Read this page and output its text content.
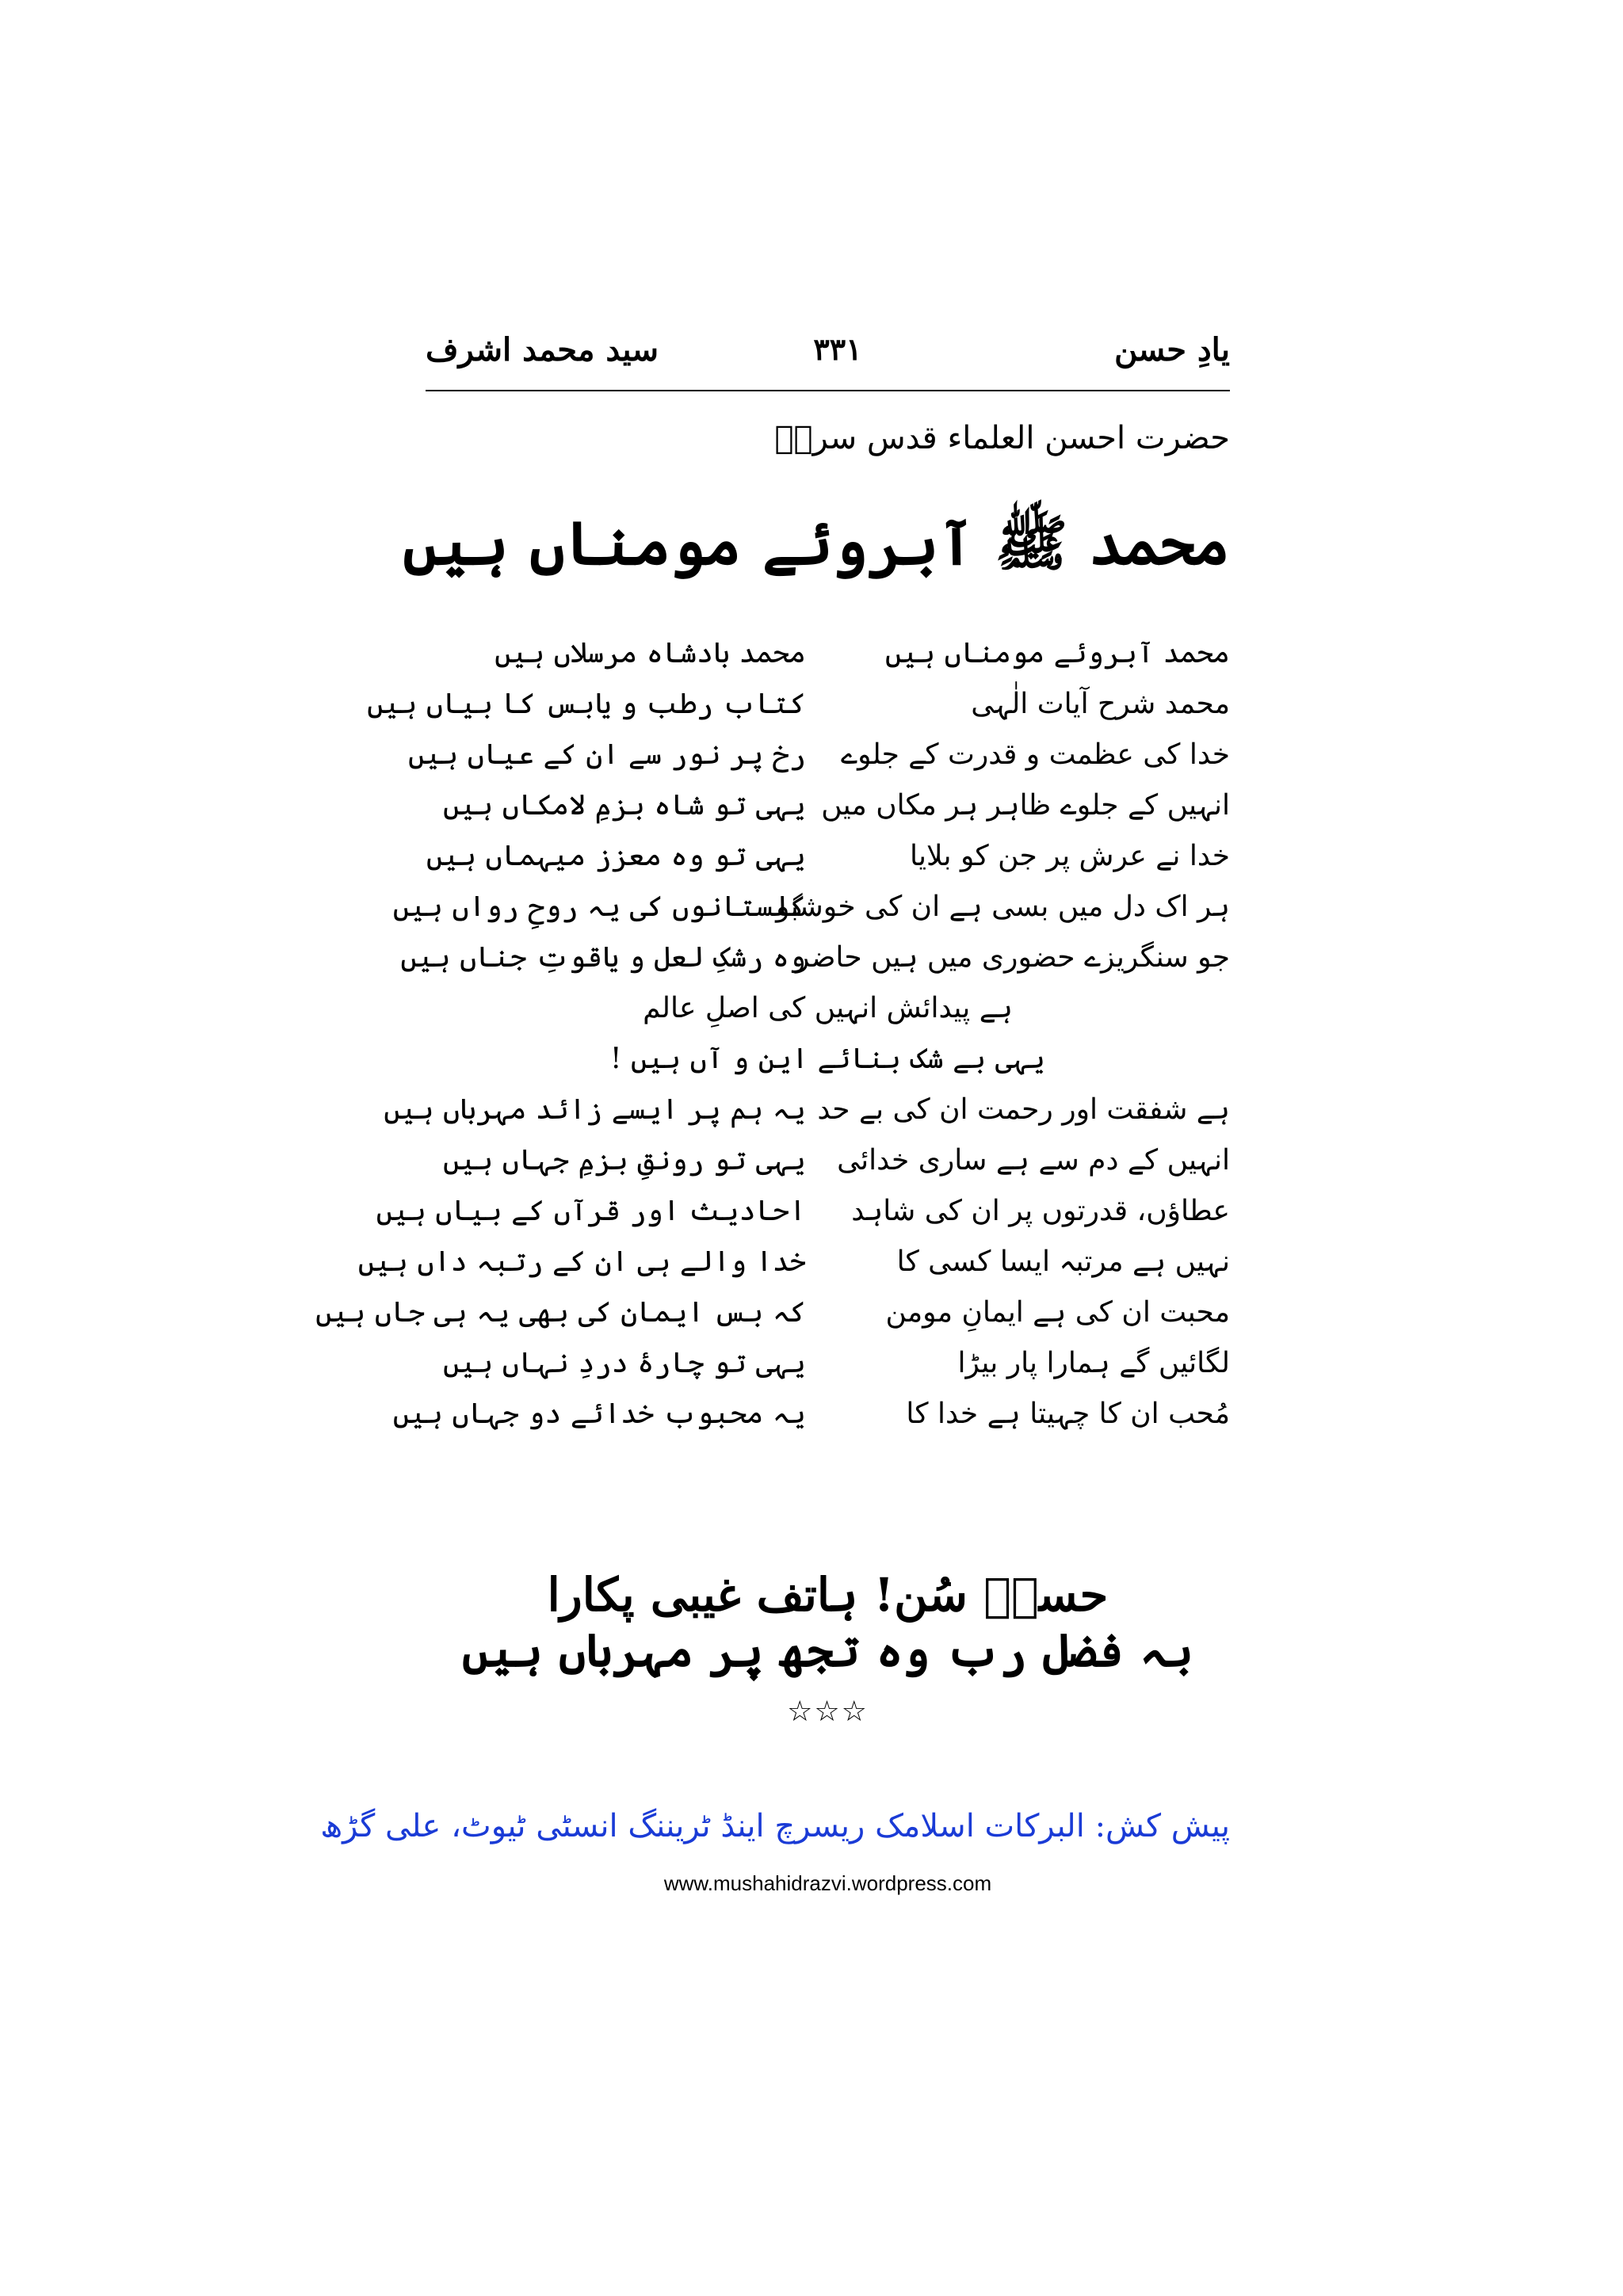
یادِ حسن
۳۳۱
سید محمد اشرف
حضرت احسن العلماء قدس سرہٗ
محمد ﷺ آبروئے مومناں ہیں
محمد آبروئے مومناں ہیں
محمد بادشاہ مرسلاں ہیں
محمد شرح آیات الٰہی
کتاب رطب و یابس کا بیاں ہیں
خدا کی عظمت و قدرت کے جلوے
رخ پر نور سے ان کے عیاں ہیں
انہیں کے جلوے ظاہر ہر مکاں میں
یہی تو شاہ بزمِ لامکاں ہیں
خدا نے عرش پر جن کو بلایا
یہی تو وہ معزز میہماں ہیں
ہر اک دل میں بسی ہے ان کی خوشبو
گلستانوں کی یہ روحِ رواں ہیں
جو سنگریزے حضوری میں ہیں حاضر
وہ رشکِ لعل و یاقوتِ جناں ہیں
ہے پیدائش انہیں کی اصلِ عالم
یہی بے شک بنائے این و آں ہیں !
ہے شفقت اور رحمت ان کی بے حد
یہ ہم پر ایسے زائد مہرباں ہیں
انہیں کے دم سے ہے ساری خدائی
یہی تو رونقِ بزمِ جہاں ہیں
عطاؤں، قدرتوں پر ان کی شاہد
احادیث اور قرآں کے بیاں ہیں
نہیں ہے مرتبہ ایسا کسی کا
خدا والے ہی ان کے رتبہ داں ہیں
محبت ان کی ہے ایمانِ مومن
کہ بس ایمان کی بھی یہ ہی جاں ہیں
لگائیں گے ہمارا پار بیڑا
یہی تو چارۂ دردِ نہاں ہیں
مُحب ان کا چہیتا ہے خدا کا
یہ محبوب خدائے دو جہاں ہیں
حسنؔ سُن! ہاتف غیبی پکارا
بہ فضل رب وہ تجھ پر مہرباں ہیں
☆☆☆
پیش کش: البرکات اسلامک ریسرچ اینڈ ٹریننگ انسٹی ٹیوٹ، علی گڑھ
www.mushahidrazvi.wordpress.com
